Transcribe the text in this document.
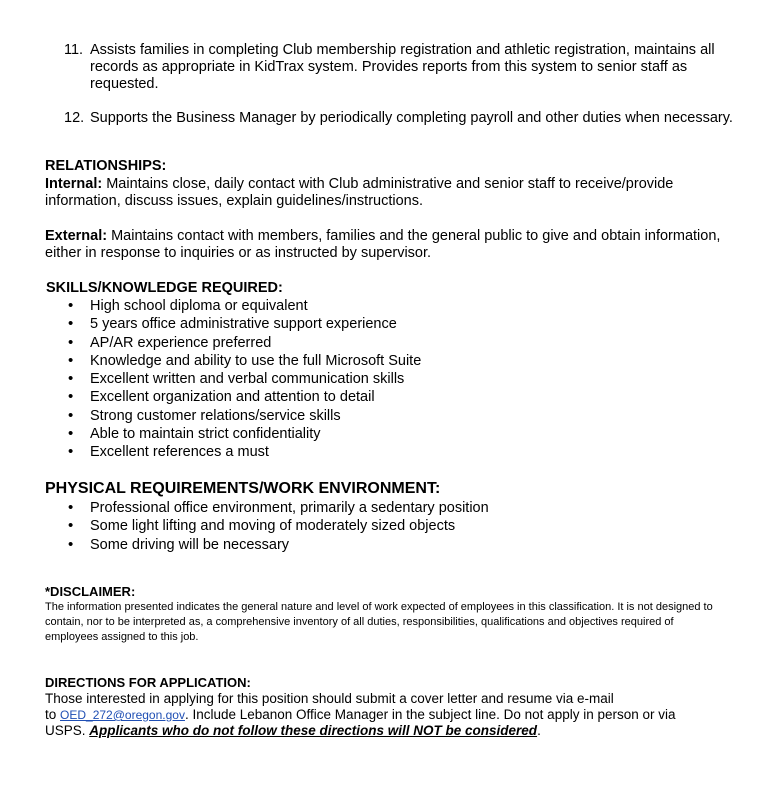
11. Assists families in completing Club membership registration and athletic registration, maintains all records as appropriate in KidTrax system. Provides reports from this system to senior staff as requested.
12. Supports the Business Manager by periodically completing payroll and other duties when necessary.
RELATIONSHIPS:
Internal: Maintains close, daily contact with Club administrative and senior staff to receive/provide information, discuss issues, explain guidelines/instructions.
External: Maintains contact with members, families and the general public to give and obtain information, either in response to inquiries or as instructed by supervisor.
SKILLS/KNOWLEDGE REQUIRED:
• High school diploma or equivalent
• 5 years office administrative support experience
• AP/AR experience preferred
• Knowledge and ability to use the full Microsoft Suite
• Excellent written and verbal communication skills
• Excellent organization and attention to detail
• Strong customer relations/service skills
• Able to maintain strict confidentiality
• Excellent references a must
PHYSICAL REQUIREMENTS/WORK ENVIRONMENT:
• Professional office environment, primarily a sedentary position
• Some light lifting and moving of moderately sized objects
• Some driving will be necessary
*DISCLAIMER:
The information presented indicates the general nature and level of work expected of employees in this classification. It is not designed to contain, nor to be interpreted as, a comprehensive inventory of all duties, responsibilities, qualifications and objectives required of employees assigned to this job.
DIRECTIONS FOR APPLICATION:
Those interested in applying for this position should submit a cover letter and resume via e-mail
to OED_272@oregon.gov. Include Lebanon Office Manager in the subject line. Do not apply in person or via
USPS. Applicants who do not follow these directions will NOT be considered.
